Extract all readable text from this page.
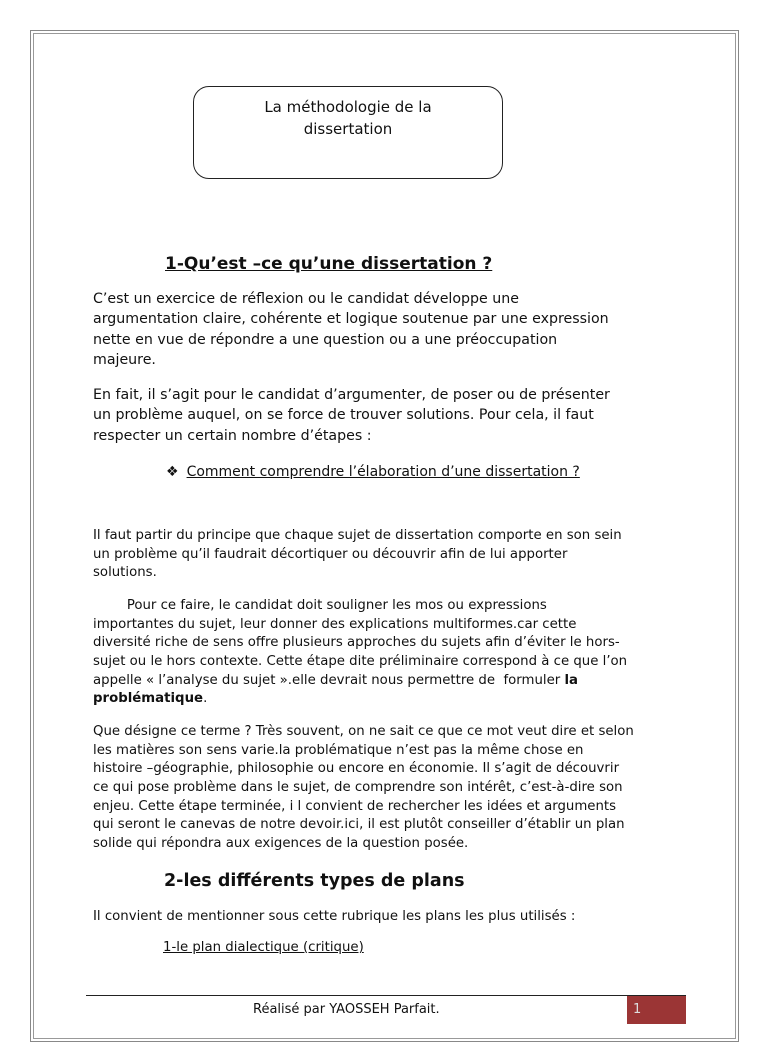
La méthodologie de la
dissertation
1-Qu’est –ce qu’une dissertation ?
C’est un exercice de réflexion ou le candidat développe une
argumentation claire, cohérente et logique soutenue par une expression
nette en vue de répondre a une question ou a une préoccupation
majeure.
En fait, il s’agit pour le candidat d’argumenter, de poser ou de présenter
un problème auquel, on se force de trouver solutions. Pour cela, il faut
respecter un certain nombre d’étapes :
❖ Comment comprendre l’élaboration d’une dissertation ?
Il faut partir du principe que chaque sujet de dissertation comporte en son sein
un problème qu’il faudrait décortiquer ou découvrir afin de lui apporter
solutions.
Pour ce faire, le candidat doit souligner les mos ou expressions
importantes du sujet, leur donner des explications multiformes.car cette
diversité riche de sens offre plusieurs approches du sujets afin d’éviter le hors-
sujet ou le hors contexte. Cette étape dite préliminaire correspond à ce que l’on
appelle « l’analyse du sujet ».elle devrait nous permettre de  formuler la
problématique.
Que désigne ce terme ? Très souvent, on ne sait ce que ce mot veut dire et selon
les matières son sens varie.la problématique n’est pas la même chose en
histoire –géographie, philosophie ou encore en économie. Il s’agit de découvrir
ce qui pose problème dans le sujet, de comprendre son intérêt, c’est-à-dire son
enjeu. Cette étape terminée, i l convient de rechercher les idées et arguments
qui seront le canevas de notre devoir.ici, il est plutôt conseiller d’établir un plan
solide qui répondra aux exigences de la question posée.
2-les différents types de plans
Il convient de mentionner sous cette rubrique les plans les plus utilisés :
1-le plan dialectique (critique)
Réalisé par YAOSSEH Parfait.	1
